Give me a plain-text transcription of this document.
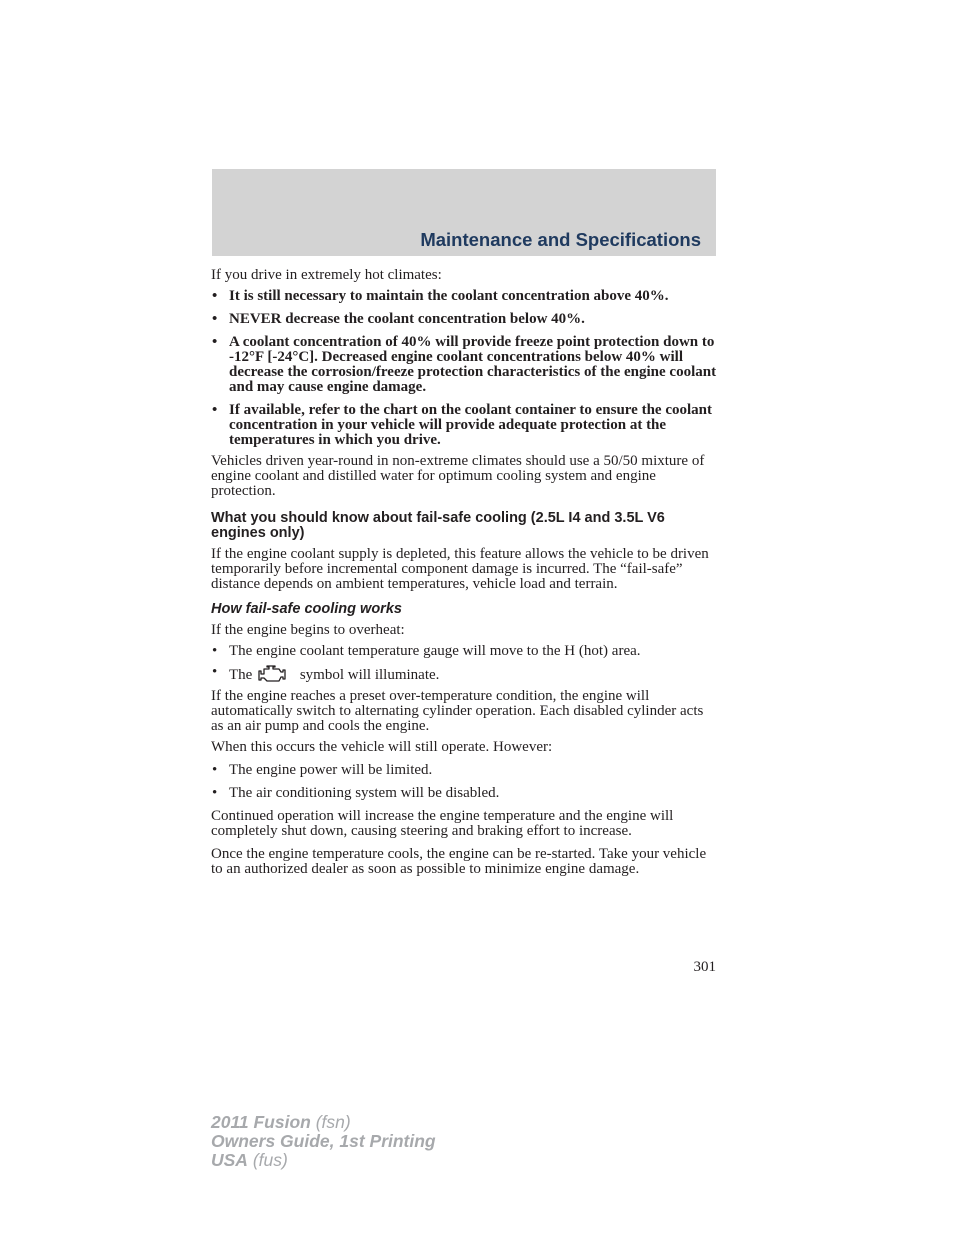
Maintenance and Specifications

If you drive in extremely hot climates:

• It is still necessary to maintain the coolant concentration above 40%.
• NEVER decrease the coolant concentration below 40%.
• A coolant concentration of 40% will provide freeze point protection down to -12°F [-24°C]. Decreased engine coolant concentrations below 40% will decrease the corrosion/freeze protection characteristics of the engine coolant and may cause engine damage.
• If available, refer to the chart on the coolant container to ensure the coolant concentration in your vehicle will provide adequate protection at the temperatures in which you drive.

Vehicles driven year-round in non-extreme climates should use a 50/50 mixture of engine coolant and distilled water for optimum cooling system and engine protection.

What you should know about fail-safe cooling (2.5L I4 and 3.5L V6 engines only)

If the engine coolant supply is depleted, this feature allows the vehicle to be driven temporarily before incremental component damage is incurred. The “fail-safe” distance depends on ambient temperatures, vehicle load and terrain.

How fail-safe cooling works

If the engine begins to overheat:

• The engine coolant temperature gauge will move to the H (hot) area.
• The	symbol will illuminate.

If the engine reaches a preset over-temperature condition, the engine will automatically switch to alternating cylinder operation. Each disabled cylinder acts as an air pump and cools the engine.

When this occurs the vehicle will still operate. However:

• The engine power will be limited.
• The air conditioning system will be disabled.

Continued operation will increase the engine temperature and the engine will completely shut down, causing steering and braking effort to increase.

Once the engine temperature cools, the engine can be re-started. Take your vehicle to an authorized dealer as soon as possible to minimize engine damage.

301

2011 Fusion (fsn)
Owners Guide, 1st Printing
USA (fus)
